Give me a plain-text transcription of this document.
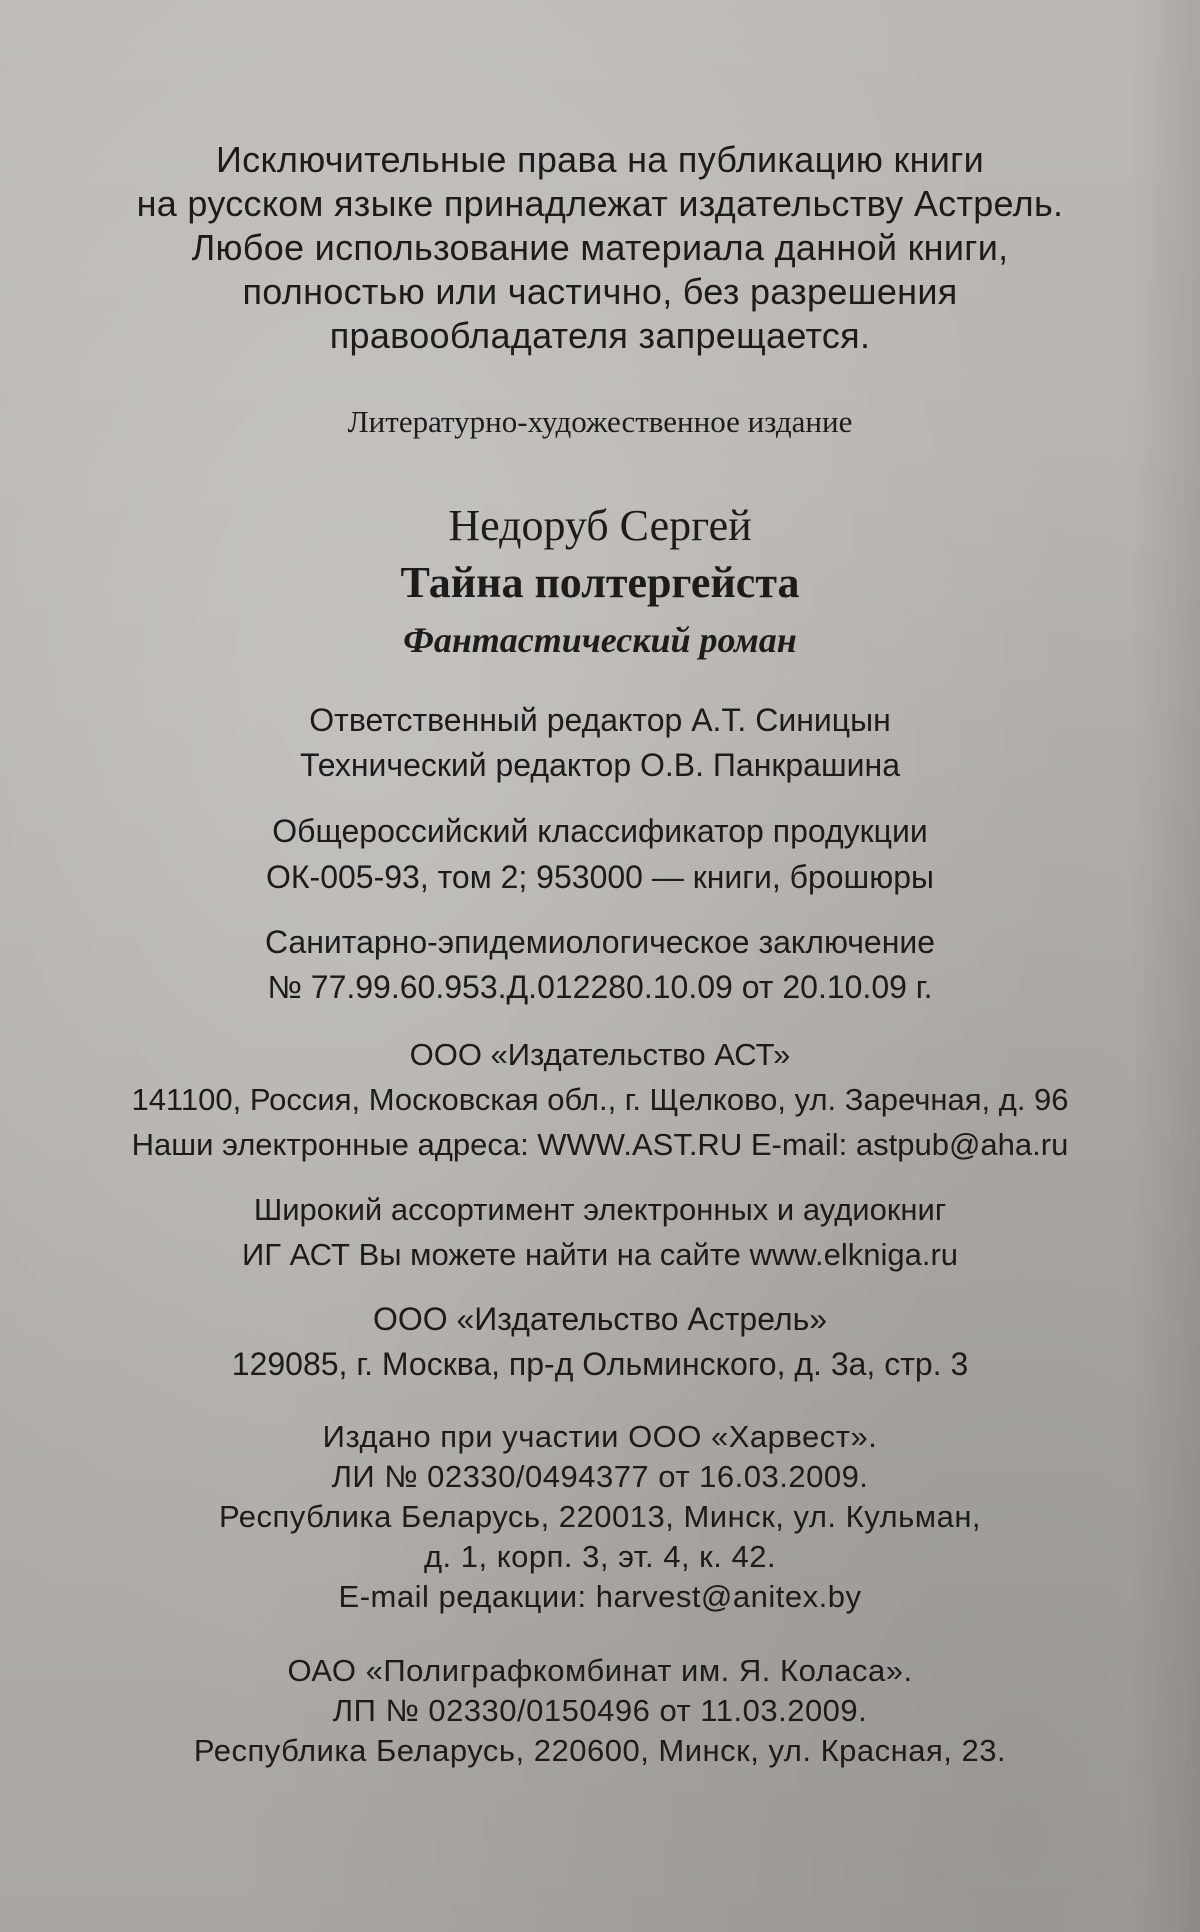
Исключительные права на публикацию книги
на русском языке принадлежат издательству Астрель.
Любое использование материала данной книги,
полностью или частично, без разрешения
правообладателя запрещается.
Литературно-художественное издание
Недоруб Сергей
Тайна полтергейста
Фантастический роман
Ответственный редактор А.Т. Синицын
Технический редактор О.В. Панкрашина
Общероссийский классификатор продукции
ОК-005-93, том 2; 953000 — книги, брошюры
Санитарно-эпидемиологическое заключение
№ 77.99.60.953.Д.012280.10.09 от 20.10.09 г.
ООО «Издательство АСТ»
141100, Россия, Московская обл., г. Щелково, ул. Заречная, д. 96
Наши электронные адреса: WWW.AST.RU E-mail: astpub@aha.ru
Широкий ассортимент электронных и аудиокниг
ИГ АСТ Вы можете найти на сайте www.elkniga.ru
ООО «Издательство Астрель»
129085, г. Москва, пр-д Ольминского, д. 3а, стр. 3
Издано при участии ООО «Харвест».
ЛИ № 02330/0494377 от 16.03.2009.
Республика Беларусь, 220013, Минск, ул. Кульман,
д. 1, корп. 3, эт. 4, к. 42.
E-mail редакции: harvest@anitex.by
ОАО «Полиграфкомбинат им. Я. Коласа».
ЛП № 02330/0150496 от 11.03.2009.
Республика Беларусь, 220600, Минск, ул. Красная, 23.
